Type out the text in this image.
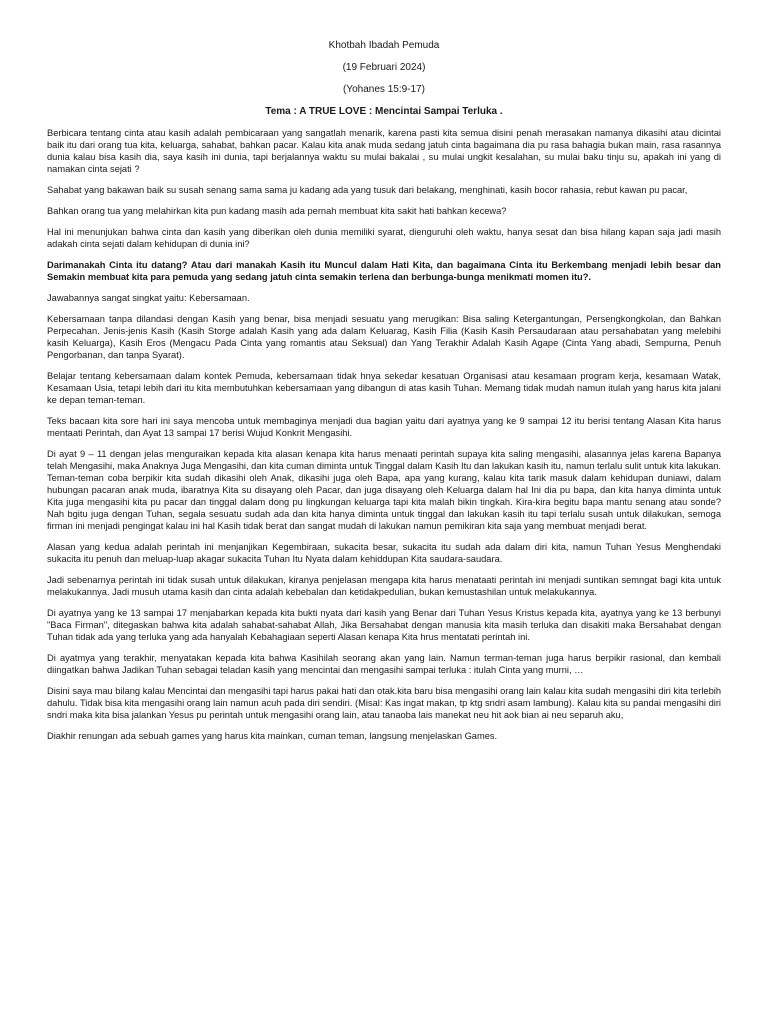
Khotbah Ibadah Pemuda
(19 Februari 2024)
(Yohanes 15:9-17)
Tema : A TRUE LOVE : Mencintai Sampai Terluka .

Berbicara tentang cinta atau kasih adalah pembicaraan yang sangatlah menarik, karena pasti kita semua disini penah merasakan namanya dikasihi atau dicintai baik itu dari orang tua kita, keluarga, sahabat, bahkan pacar. Kalau kita anak muda sedang jatuh cinta bagaimana dia pu rasa bahagia bukan main, rasa rasannya dunia kalau bisa kasih dia, saya kasih ini dunia, tapi berjalannya waktu su mulai bakalai , su mulai ungkit kesalahan, su mulai baku tinju su, apakah ini yang di namakan cinta sejati ?

Sahabat yang bakawan baik su susah senang sama sama ju kadang ada yang tusuk dari belakang, menghinati, kasih bocor rahasia, rebut kawan pu pacar,

Bahkan orang tua yang melahirkan kita pun kadang masih ada pernah membuat kita sakit hati bahkan kecewa?

Hal ini menunjukan bahwa cinta dan kasih yang diberikan oleh dunia memiliki syarat, dienguruhi oleh waktu, hanya sesat dan bisa hilang kapan saja jadi masih adakah cinta sejati dalam kehidupan di dunia ini?

Darimanakah Cinta itu datang? Atau dari manakah Kasih itu Muncul dalam Hati Kita, dan bagaimana Cinta itu Berkembang menjadi lebih besar dan Semakin membuat kita para pemuda yang sedang jatuh cinta semakin terlena dan berbunga-bunga menikmati momen itu?.

Jawabannya sangat singkat yaitu: Kebersamaan.

Kebersamaan tanpa dilandasi dengan Kasih yang benar, bisa menjadi sesuatu yang merugikan: Bisa saling Ketergantungan, Persengkongkolan, dan Bahkan Perpecahan. Jenis-jenis Kasih (Kasih Storge adalah Kasih yang ada dalam Keluarag, Kasih Filia (Kasih Kasih Persaudaraan atau persahabatan yang melebihi kasih Keluarga), Kasih Eros (Mengacu Pada Cinta yang romantis atau Seksual) dan Yang Terakhir Adalah Kasih Agape (Cinta Yang abadi, Sempurna, Penuh Pengorbanan, dan tanpa Syarat).

Belajar tentang kebersamaan dalam kontek Pemuda, kebersamaan tidak hnya sekedar kesatuan Organisasi atau kesamaan program kerja, kesamaan Watak, Kesamaan Usia, tetapi lebih dari itu kita membutuhkan kebersamaan yang dibangun di atas kasih Tuhan. Memang tidak mudah namun itulah yang harus kita jalani ke depan teman-teman.

Teks bacaan kita sore hari ini saya mencoba untuk membaginya menjadi dua bagian yaitu dari ayatnya yang ke 9 sampai 12 itu berisi tentang Alasan Kita harus mentaati Perintah, dan Ayat 13 sampai 17 berisi Wujud Konkrit Mengasihi.

Di ayat 9 – 11 dengan jelas menguraikan kepada kita alasan kenapa kita harus menaati perintah supaya kita saling mengasihi, alasannya jelas karena Bapanya telah Mengasihi, maka Anaknya Juga Mengasihi, dan kita cuman diminta untuk Tinggal dalam Kasih Itu dan lakukan kasih itu, namun terlalu sulit untuk kita lakukan. Teman-teman coba berpikir kita sudah dikasihi oleh Anak, dikasihi juga oleh Bapa, apa yang kurang, kalau kita tarik masuk dalam kehidupan duniawi, dalam hubungan pacaran anak muda, ibaratnya Kita su disayang oleh Pacar, dan juga disayang oleh Keluarga dalam hal Ini dia pu bapa, dan kita hanya diminta untuk Kita juga mengasihi kita pu pacar dan tinggal dalam dong pu lingkungan keluarga tapi kita malah bikin tingkah. Kira-kira begitu bapa mantu senang atau sonde? Nah bgitu juga dengan Tuhan, segala sesuatu sudah ada dan kita hanya diminta untuk tinggal dan lakukan kasih itu tapi terlalu susah untuk dilakukan, semoga firman ini menjadi pengingat kalau ini hal Kasih tidak berat dan sangat mudah di lakukan namun pemikiran kita saja yang membuat menjadi berat.

Alasan yang kedua adalah perintah ini menjanjikan Kegembiraan, sukacita besar, sukacita itu sudah ada dalam diri kita, namun Tuhan Yesus Menghendaki sukacita itu penuh dan meluap-luap akagar sukacita Tuhan Itu Nyata dalam kehiddupan Kita saudara-saudara.

Jadi sebenarnya perintah ini tidak susah untuk dilakukan, kiranya penjelasan mengapa kita harus menataati perintah ini menjadi suntikan semngat bagi kita untuk melakukannya. Jadi musuh utama kasih dan cinta adalah kebebalan dan ketidakpedulian, bukan kemustashilan untuk melakukannya.

Di ayatnya yang ke 13 sampai 17 menjabarkan kepada kita bukti nyata dari kasih yang Benar dari Tuhan Yesus Kristus kepada kita, ayatnya yang ke 13 berbunyi "Baca Firman", ditegaskan bahwa kita adalah sahabat-sahabat Allah, Jika Bersahabat dengan manusia kita masih terluka dan disakiti maka Bersahabat dengan Tuhan tidak ada yang terluka yang ada hanyalah Kebahagiaan seperti Alasan kenapa Kita hrus mentatati perintah ini.

Di ayatmya yang terakhir, menyatakan kepada kita bahwa Kasihilah seorang akan yang lain. Namun terman-teman juga harus berpikir rasional, dan kembali diingatkan bahwa Jadikan Tuhan sebagai teladan kasih yang mencintai dan mengasihi sampai terluka : itulah Cinta yang murni, …

Disini saya mau bilang kalau Mencintai dan mengasihi tapi harus pakai hati dan otak.kita baru bisa mengasihi orang lain kalau kita sudah mengasihi diri kita terlebih dahulu. Tidak bisa kita mengasihi orang lain namun acuh pada diri sendiri. (Misal: Kas ingat makan, tp ktg sndri asam lambung). Kalau kita su pandai mengasihi diri sndri maka kita bisa jalankan Yesus pu perintah untuk mengasihi orang lain, atau tanaoba lais manekat neu hit aok bian ai neu separuh aku,

Diakhir renungan ada sebuah games yang harus kita mainkan, cuman teman, langsung menjelaskan Games.
